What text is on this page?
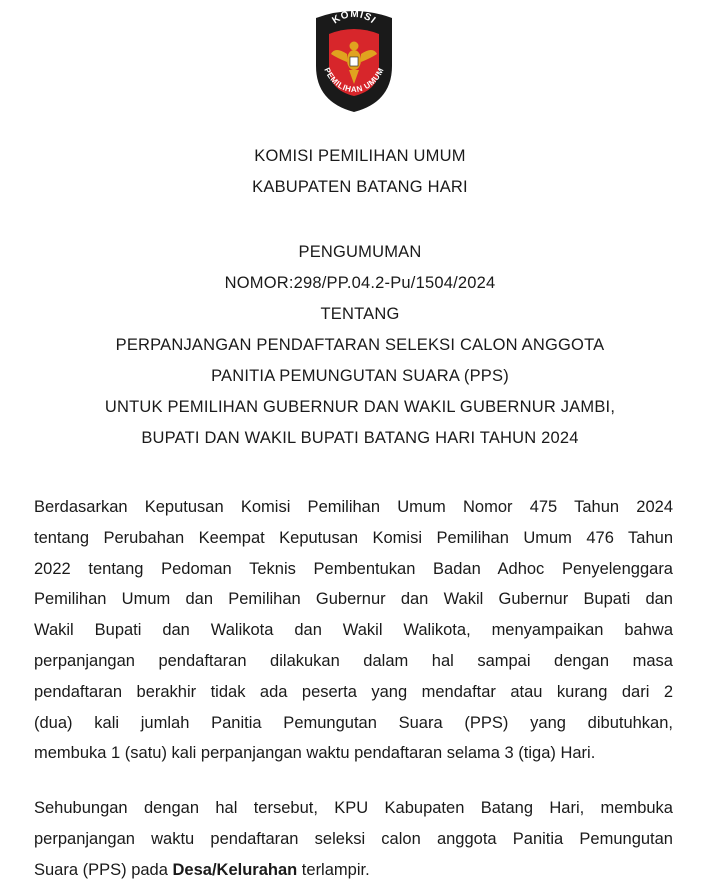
KOMISI
PEMILIHAN UMUM
KOMISI PEMILIHAN UMUM
KABUPATEN BATANG HARI
PENGUMUMAN
NOMOR:298/PP.04.2-Pu/1504/2024
TENTANG
PERPANJANGAN PENDAFTARAN SELEKSI CALON ANGGOTA
PANITIA PEMUNGUTAN SUARA (PPS)
UNTUK PEMILIHAN GUBERNUR DAN WAKIL GUBERNUR JAMBI,
BUPATI DAN WAKIL BUPATI BATANG HARI TAHUN 2024
Berdasarkan Keputusan Komisi Pemilihan Umum Nomor 475 Tahun 2024
tentang Perubahan Keempat Keputusan Komisi Pemilihan Umum 476 Tahun
2022 tentang Pedoman Teknis Pembentukan Badan Adhoc Penyelenggara
Pemilihan Umum dan Pemilihan Gubernur dan Wakil Gubernur Bupati dan
Wakil Bupati dan Walikota dan Wakil Walikota, menyampaikan bahwa
perpanjangan pendaftaran dilakukan dalam hal sampai dengan masa
pendaftaran berakhir tidak ada peserta yang mendaftar atau kurang dari 2
(dua) kali jumlah Panitia Pemungutan Suara (PPS) yang dibutuhkan,
membuka 1 (satu) kali perpanjangan waktu pendaftaran selama 3 (tiga) Hari.
Sehubungan dengan hal tersebut, KPU Kabupaten Batang Hari, membuka
perpanjangan waktu pendaftaran seleksi calon anggota Panitia Pemungutan
Suara (PPS) pada Desa/Kelurahan terlampir.
